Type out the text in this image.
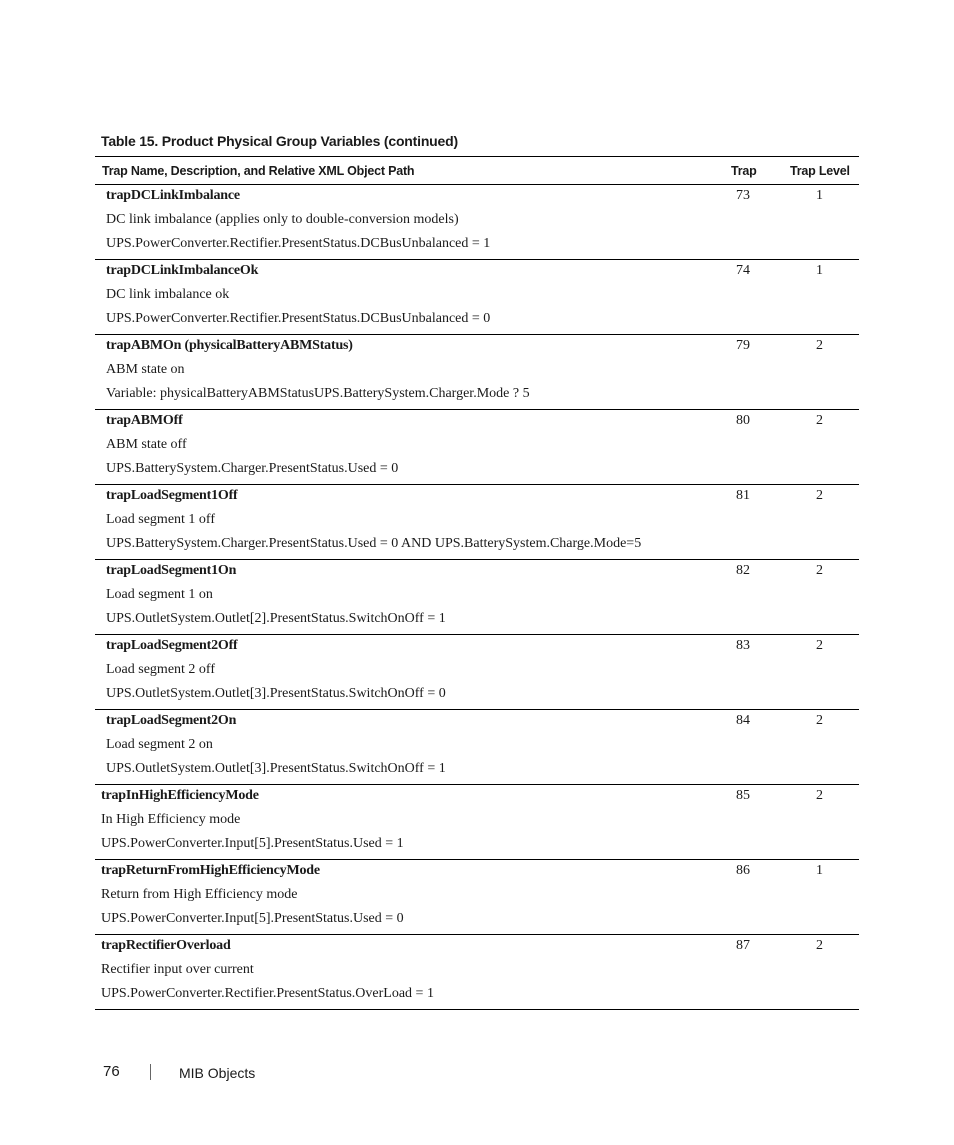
Table 15. Product Physical Group Variables (continued)
Trap Name, Description, and Relative XML Object Path	Trap	Trap Level
trapDCLinkImbalance
DC link imbalance (applies only to double-conversion models)
UPS.PowerConverter.Rectifier.PresentStatus.DCBusUnbalanced = 1
73	1
trapDCLinkImbalanceOk
DC link imbalance ok
UPS.PowerConverter.Rectifier.PresentStatus.DCBusUnbalanced = 0
74	1
trapABMOn (physicalBatteryABMStatus)
ABM state on
Variable: physicalBatteryABMStatusUPS.BatterySystem.Charger.Mode ? 5
79	2
trapABMOff
ABM state off
UPS.BatterySystem.Charger.PresentStatus.Used = 0
80	2
trapLoadSegment1Off
Load segment 1 off
UPS.BatterySystem.Charger.PresentStatus.Used = 0 AND UPS.BatterySystem.Charge.Mode=5
81	2
trapLoadSegment1On
Load segment 1 on
UPS.OutletSystem.Outlet[2].PresentStatus.SwitchOnOff = 1
82	2
trapLoadSegment2Off
Load segment 2 off
UPS.OutletSystem.Outlet[3].PresentStatus.SwitchOnOff = 0
83	2
trapLoadSegment2On
Load segment 2 on
UPS.OutletSystem.Outlet[3].PresentStatus.SwitchOnOff = 1
84	2
trapInHighEfficiencyMode
In High Efficiency mode
UPS.PowerConverter.Input[5].PresentStatus.Used = 1
85	2
trapReturnFromHighEfficiencyMode
Return from High Efficiency mode
UPS.PowerConverter.Input[5].PresentStatus.Used = 0
86	1
trapRectifierOverload
Rectifier input over current
UPS.PowerConverter.Rectifier.PresentStatus.OverLoad = 1
87	2
76	MIB Objects
